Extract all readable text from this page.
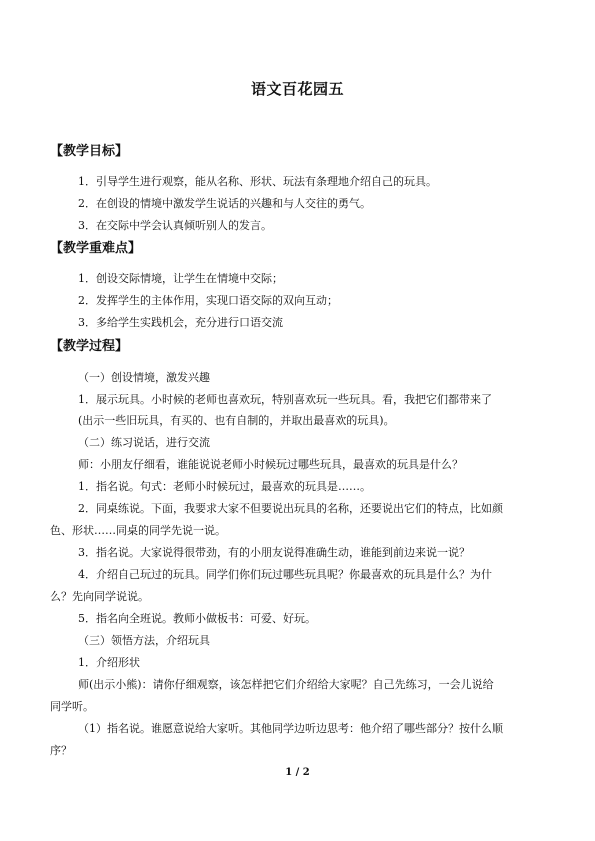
语文百花园五
【教学目标】
1．引导学生进行观察，能从名称、形状、玩法有条理地介绍自己的玩具。
2．在创设的情境中激发学生说话的兴趣和与人交往的勇气。
3．在交际中学会认真倾听别人的发言。
【教学重难点】
1．创设交际情境，让学生在情境中交际；
2．发挥学生的主体作用，实现口语交际的双向互动；
3．多给学生实践机会，充分进行口语交流
【教学过程】
（一）创设情境，激发兴趣
1．展示玩具。小时候的老师也喜欢玩，特别喜欢玩一些玩具。看，我把它们都带来了
(出示一些旧玩具，有买的、也有自制的，并取出最喜欢的玩具)。
（二）练习说话，进行交流
师：小朋友仔细看，谁能说说老师小时候玩过哪些玩具，最喜欢的玩具是什么？
1．指名说。句式：老师小时候玩过，最喜欢的玩具是……。
2．同桌练说。下面，我要求大家不但要说出玩具的名称，还要说出它们的特点，比如颜
色、形状……同桌的同学先说一说。
3．指名说。大家说得很带劲，有的小朋友说得准确生动，谁能到前边来说一说？
4．介绍自己玩过的玩具。同学们你们玩过哪些玩具呢？你最喜欢的玩具是什么？为什
么？先向同学说说。
5．指名向全班说。教师小做板书：可爱、好玩。
（三）领悟方法，介绍玩具
1．介绍形状
师(出示小熊)：请你仔细观察，该怎样把它们介绍给大家呢？自己先练习，一会儿说给
同学听。
（1）指名说。谁愿意说给大家听。其他同学边听边思考：他介绍了哪些部分？按什么顺
序？
1 / 2
